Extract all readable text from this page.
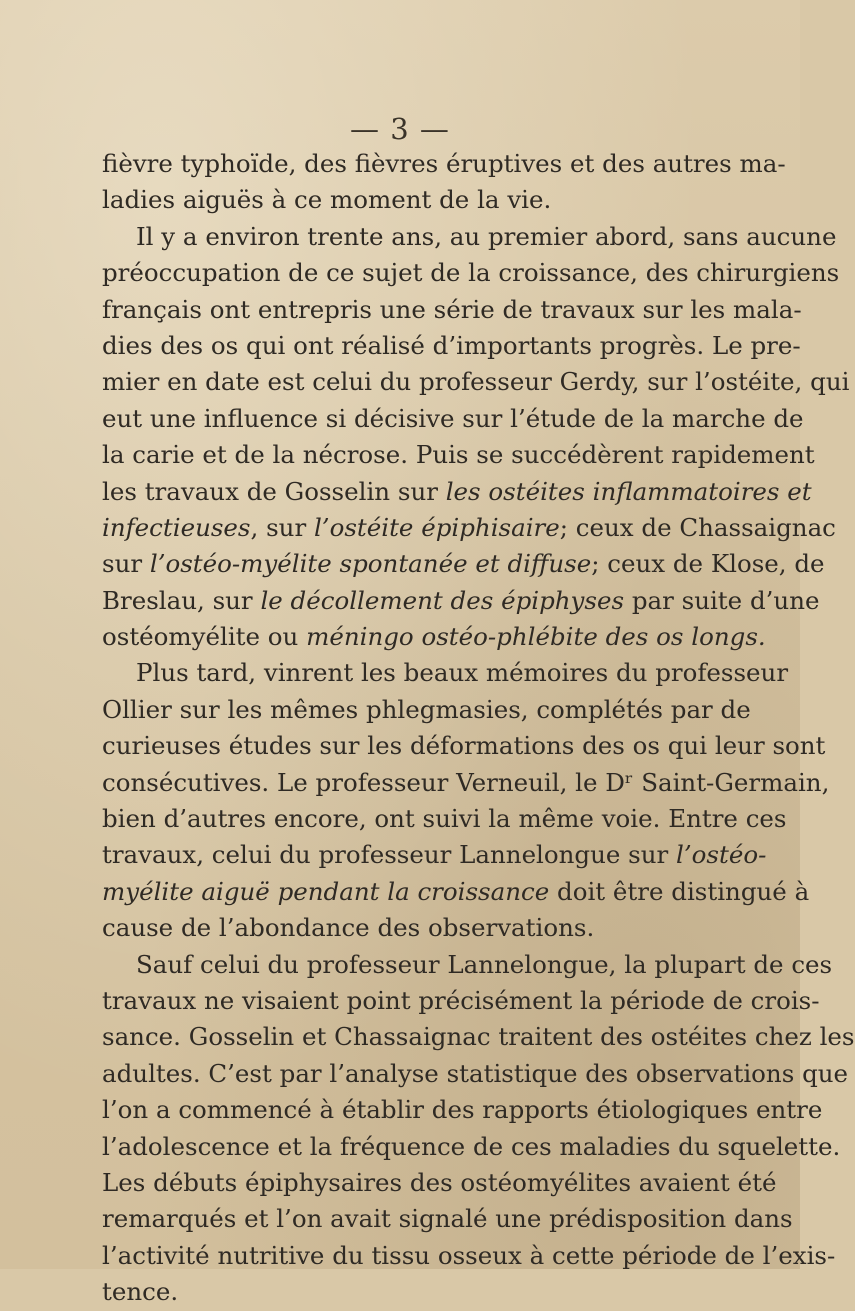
— 3 —
fièvre typhoïde, des fièvres éruptives et des autres ma-
ladies aiguës à ce moment de la vie.
Il y a environ trente ans, au premier abord, sans aucune
préoccupation de ce sujet de la croissance, des chirurgiens
français ont entrepris une série de travaux sur les mala-
dies des os qui ont réalisé d’importants progrès. Le pre-
mier en date est celui du professeur Gerdy, sur l’ostéite, qui
eut une influence si décisive sur l’étude de la marche de
la carie et de la nécrose. Puis se succédèrent rapidement
les travaux de Gosselin sur les ostéites inflammatoires et
infectieuses, sur l’ostéite épiphisaire; ceux de Chassaignac
sur l’ostéo-myélite spontanée et diffuse; ceux de Klose, de
Breslau, sur le décollement des épiphyses par suite d’une
ostéomyélite ou méningo ostéo-phlébite des os longs.
Plus tard, vinrent les beaux mémoires du professeur
Ollier sur les mêmes phlegmasies, complétés par de
curieuses études sur les déformations des os qui leur sont
consécutives. Le professeur Verneuil, le Dʳ Saint-Germain,
bien d’autres encore, ont suivi la même voie. Entre ces
travaux, celui du professeur Lannelongue sur l’ostéo-
myélite aiguë pendant la croissance doit être distingué à
cause de l’abondance des observations.
Sauf celui du professeur Lannelongue, la plupart de ces
travaux ne visaient point précisément la période de crois-
sance. Gosselin et Chassaignac traitent des ostéites chez les
adultes. C’est par l’analyse statistique des observations que
l’on a commencé à établir des rapports étiologiques entre
l’adolescence et la fréquence de ces maladies du squelette.
Les débuts épiphysaires des ostéomyélites avaient été
remarqués et l’on avait signalé une prédisposition dans
l’activité nutritive du tissu osseux à cette période de l’exis-
tence.
